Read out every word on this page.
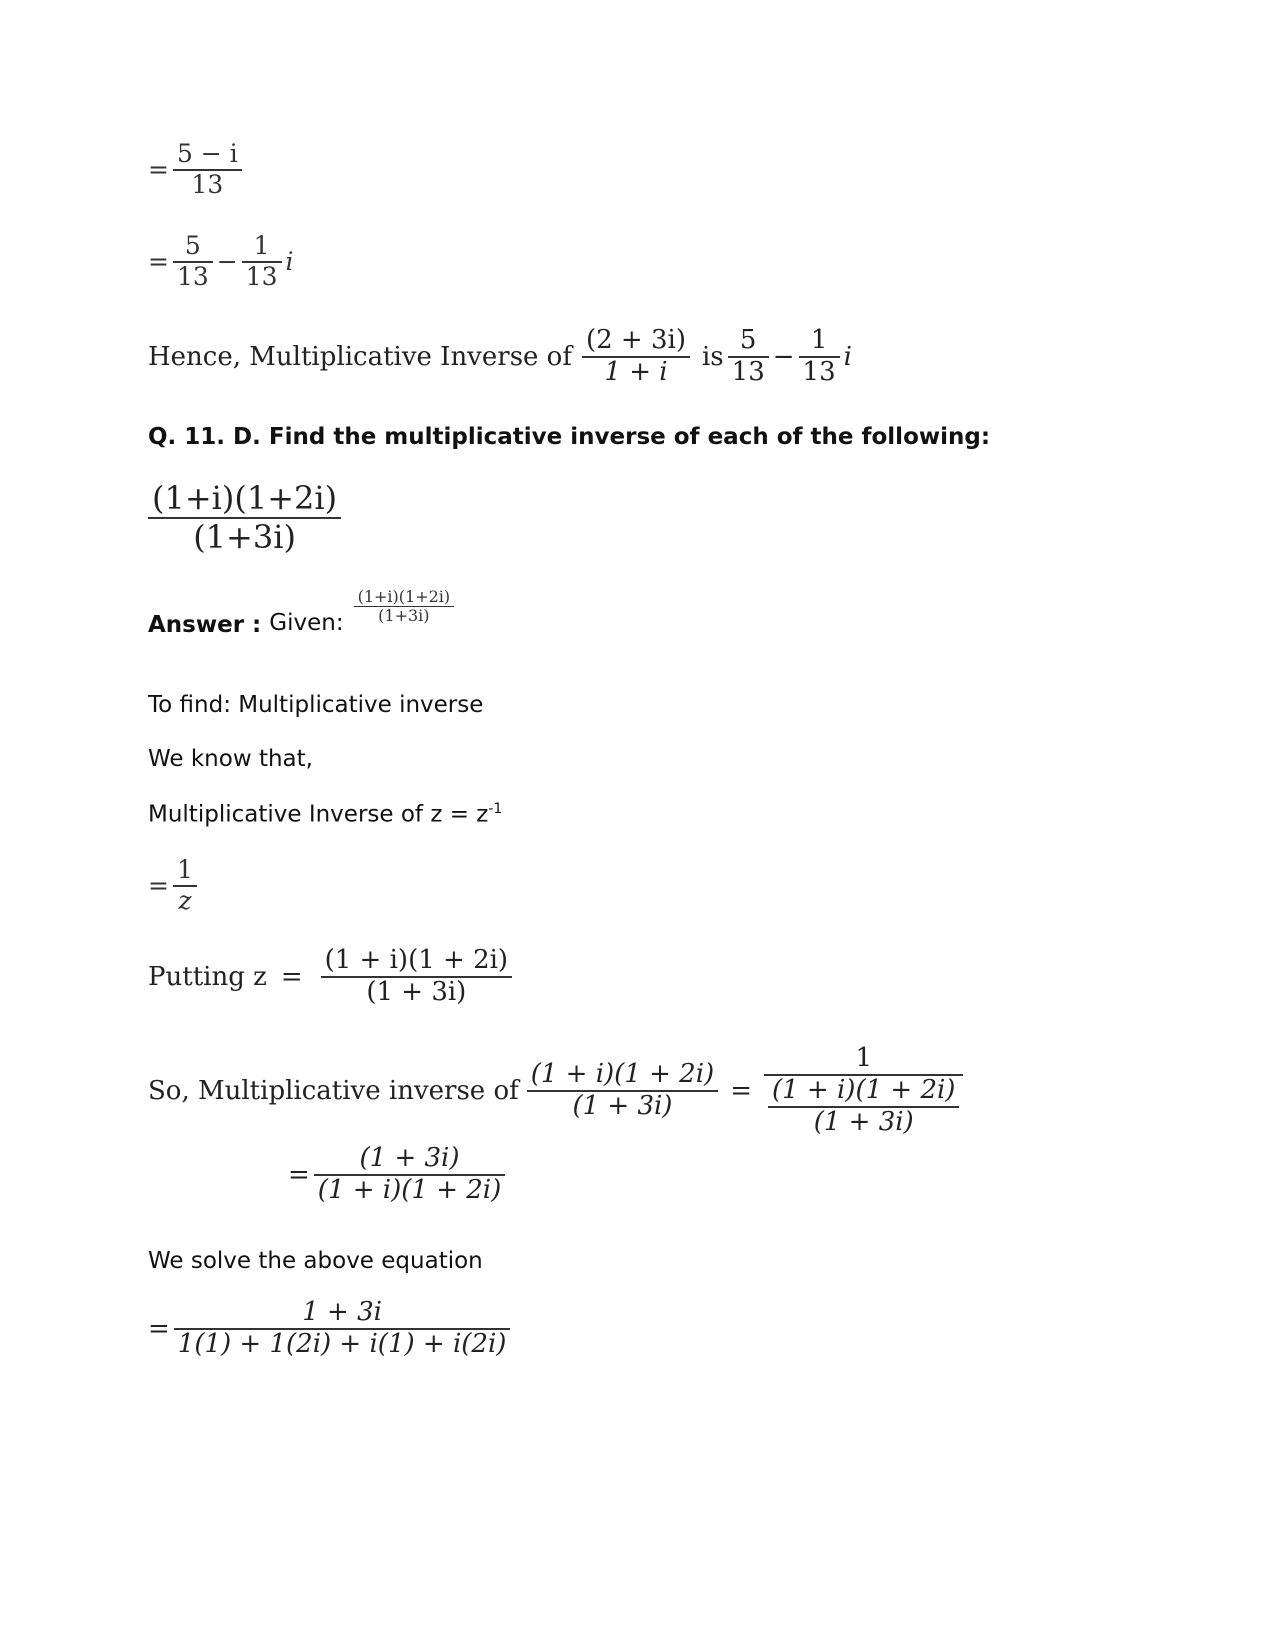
= $\frac{5 - i}{13}$
= $\frac{5}{13} - \frac{1}{13}$ i
Hence, Multiplicative Inverse of $\frac{(2 + 3i)}{1 + i}$ is $\frac{5}{13} - \frac{1}{13}$ i
Q. 11. D. Find the multiplicative inverse of each of the following:
$\frac{(1+i)(1+2i)}{(1+3i)}$
Answer : Given: $\frac{(1+i)(1+2i)}{(1+3i)}$
To find: Multiplicative inverse
We know that,
Multiplicative Inverse of $z = z^{-1}$
= $\frac{1}{z}$
Putting $z = \frac{(1 + i)(1 + 2i)}{(1 + 3i)}$
So, Multiplicative inverse of $\frac{(1 + i)(1 + 2i)}{(1 + 3i)} = \frac{1}{\frac{(1 + i)(1 + 2i)}{(1 + 3i)}}$
= $\frac{(1 + 3i)}{(1 + i)(1 + 2i)}$
We solve the above equation
= $\frac{1 + 3i}{1(1) + 1(2i) + i(1) + i(2i)}$
